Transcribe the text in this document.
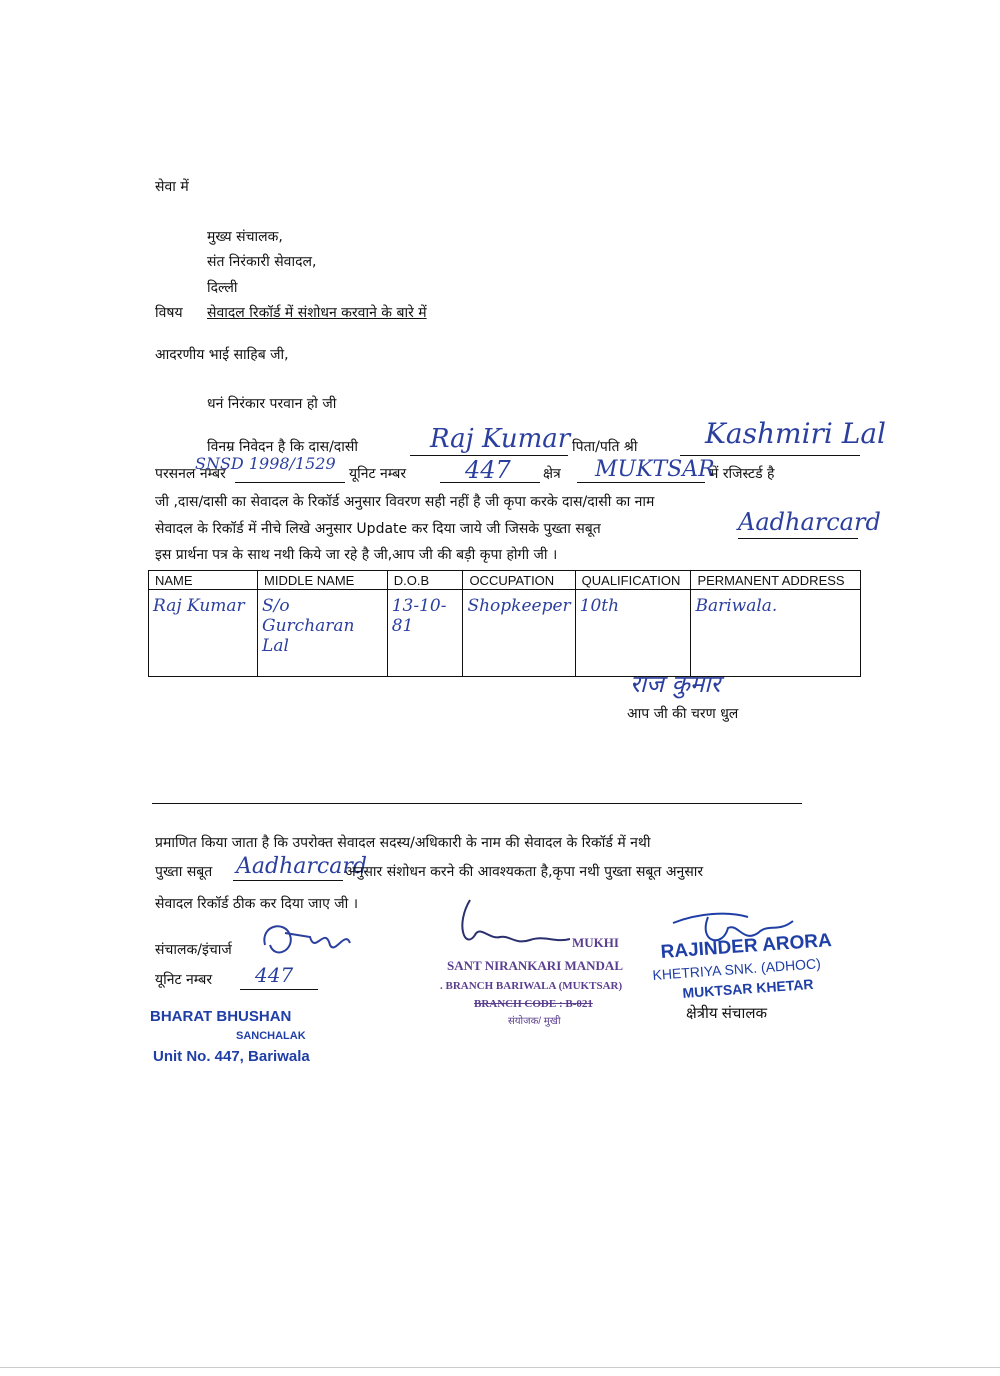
सेवा में
मुख्य संचालक,
संत निरंकारी सेवादल,
दिल्ली
विषय सेवादल रिकॉर्ड में संशोधन करवाने के बारे में
आदरणीय भाई साहिब जी,
धनं निरंकार परवान हो जी
विनम्र निवेदन है कि दास/दासी	Raj Kumar पिता/पति श्री Kashmiri Lal
परसनल नम्बर
SNSD 1998/1529
यूनिट नम्बर 447 क्षेत्र MUKTSAR
में रजिस्टर्ड है
जी ,दास/दासी का सेवादल के रिकॉर्ड अनुसार विवरण सही नहीं है जी कृपा करके दास/दासी का नाम
सेवादल के रिकॉर्ड में नीचे लिखे अनुसार Update कर दिया जाये जी जिसके पुख्ता सबूत	Aadharcard
इस प्रार्थना पत्र के साथ नथी किये जा रहे है जी,आप जी की बड़ी कृपा होगी जी ।
NAME	MIDDLE NAME	D.O.B	OCCUPATION	QUALIFICATION	PERMANENT ADDRESS
Raj Kumar	S/o Gurcharan Lal	13-10-81	Shopkeeper	10th	Bariwala.
राज कुमार
आप जी की चरण धुल
प्रमाणित किया जाता है कि उपरोक्त सेवादल सदस्य/अधिकारी के नाम की सेवादल के रिकॉर्ड में नथी
पुख्ता सबूत Aadharcard
अनुसार संशोधन करने की आवश्यकता है,कृपा नथी पुख्ता सबूत अनुसार
सेवादल रिकॉर्ड ठीक कर दिया जाए जी ।
संचालक/इंचार्ज
यूनिट नम्बर 447
BHARAT BHUSHAN
SANCHALAK
Unit No. 447, Bariwala
MUKHI
SANT NIRANKARI MANDAL
. BRANCH BARIWALA (MUKTSAR)
BRANCH CODE : B-021
संयोजक/ मुखी
RAJINDER ARORA
KHETRIYA SNK. (ADHOC)
MUKTSAR KHETAR
क्षेत्रीय संचालक
